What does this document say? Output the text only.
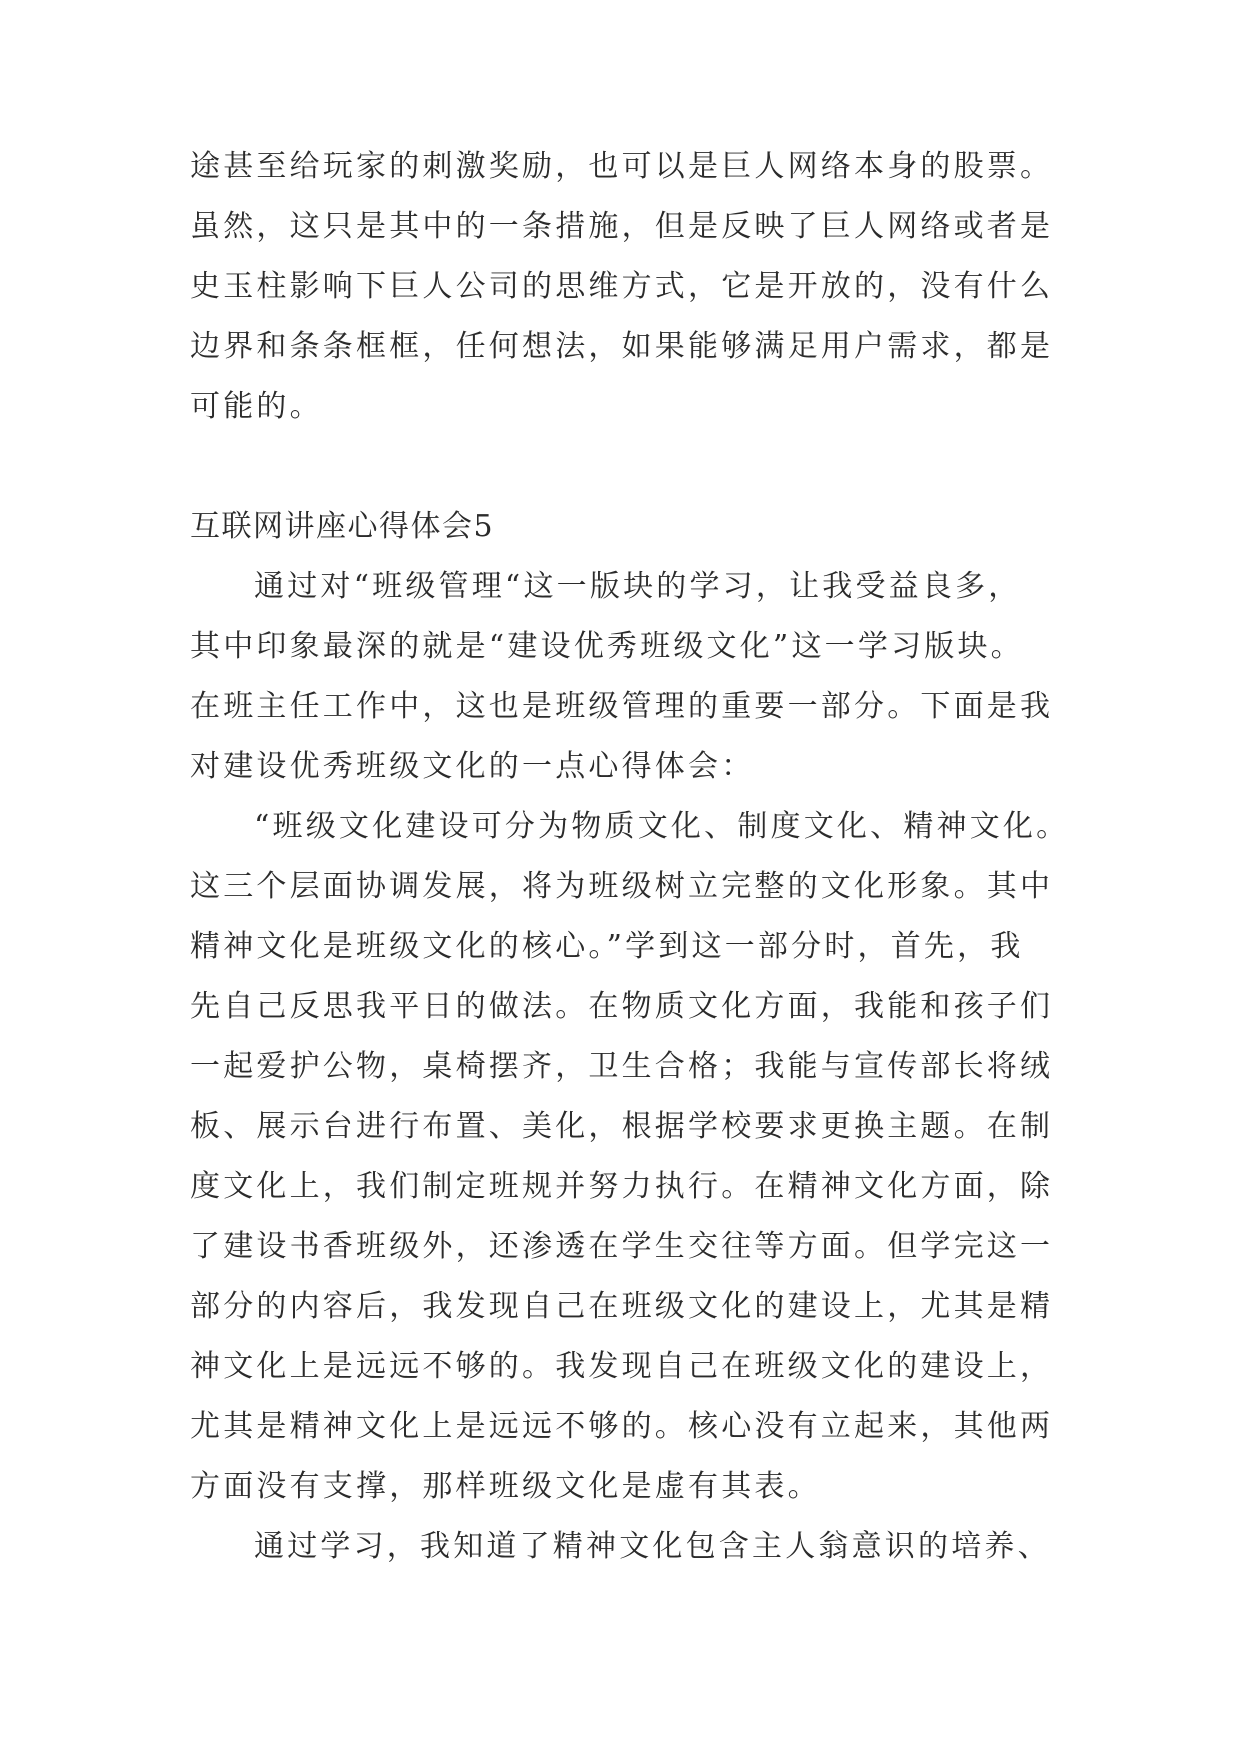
途甚至给玩家的刺激奖励，也可以是巨人网络本身的股票。
虽然，这只是其中的一条措施，但是反映了巨人网络或者是
史玉柱影响下巨人公司的思维方式，它是开放的，没有什么
边界和条条框框，任何想法，如果能够满足用户需求，都是
可能的。
互联网讲座心得体会5
通过对“班级管理“这一版块的学习，让我受益良多，
其中印象最深的就是“建设优秀班级文化”这一学习版块。
在班主任工作中，这也是班级管理的重要一部分。下面是我
对建设优秀班级文化的一点心得体会：
“班级文化建设可分为物质文化、制度文化、精神文化。
这三个层面协调发展，将为班级树立完整的文化形象。其中
精神文化是班级文化的核心。”学到这一部分时，首先，我
先自己反思我平日的做法。在物质文化方面，我能和孩子们
一起爱护公物，桌椅摆齐，卫生合格；我能与宣传部长将绒
板、展示台进行布置、美化，根据学校要求更换主题。在制
度文化上，我们制定班规并努力执行。在精神文化方面，除
了建设书香班级外，还渗透在学生交往等方面。但学完这一
部分的内容后，我发现自己在班级文化的建设上，尤其是精
神文化上是远远不够的。我发现自己在班级文化的建设上，
尤其是精神文化上是远远不够的。核心没有立起来，其他两
方面没有支撑，那样班级文化是虚有其表。
通过学习，我知道了精神文化包含主人翁意识的培养、
